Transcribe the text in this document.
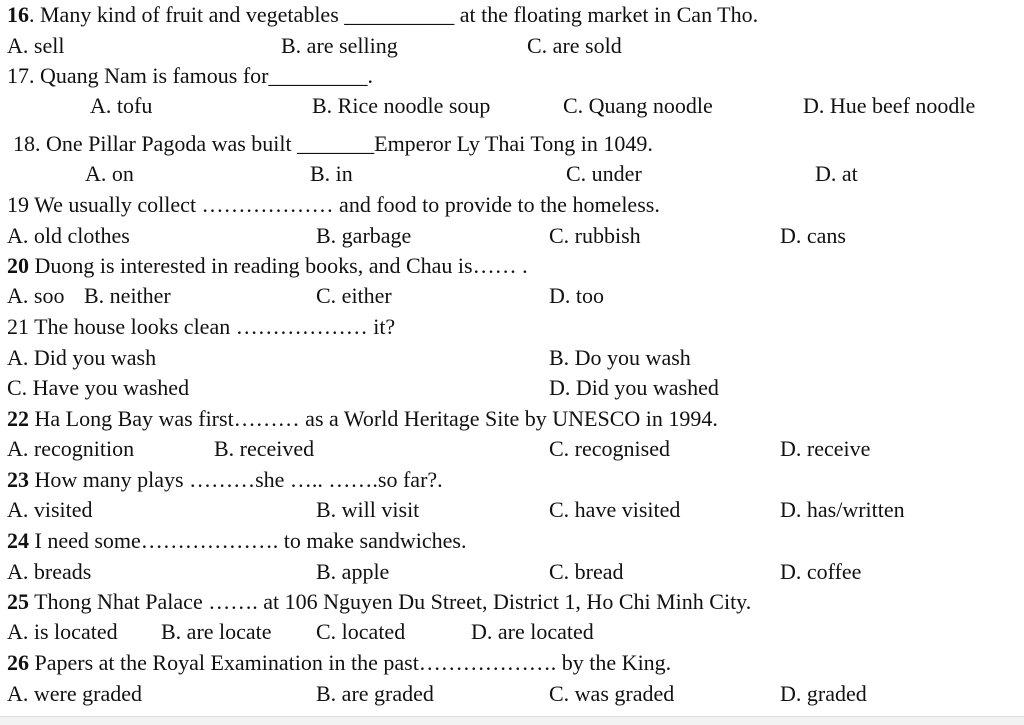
16. Many kind of fruit and vegetables __________ at the floating market in Can Tho.
A. sell	B. are selling	C. are sold
17. Quang Nam is famous for_________.
A. tofu	B. Rice noodle soup	C. Quang noodle	D. Hue beef noodle
18. One Pillar Pagoda was built _______Emperor Ly Thai Tong in 1049.
A. on	B. in	C. under	D. at
19 We usually collect ……………… and food to provide to the homeless.
A. old clothes	B. garbage	C. rubbish	D. cans
20 Duong is interested in reading books, and Chau is…… .
A. soo B. neither	C. either	D. too
21 The house looks clean ……………… it?
A. Did you wash	B. Do you wash
C. Have you washed	D. Did you washed
22 Ha Long Bay was first……… as a World Heritage Site by UNESCO in 1994.
A. recognition	B. received	C. recognised	D. receive
23 How many plays ………she ….. …….so far?.
A. visited	B. will visit	C. have visited	D. has/written
24 I need some………………. to make sandwiches.
A. breads	B. apple	C. bread	D. coffee
25 Thong Nhat Palace ……. at 106 Nguyen Du Street, District 1, Ho Chi Minh City.
A. is located B. are locate C. located	D. are located
26 Papers at the Royal Examination in the past………………. by the King.
A. were graded	B. are graded	C. was graded	D. graded
